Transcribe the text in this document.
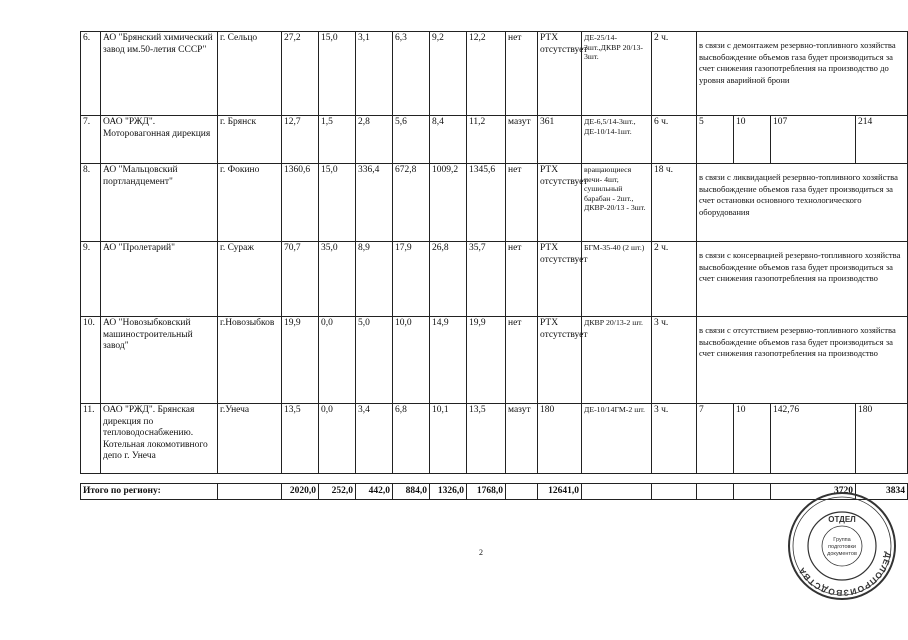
6.	АО "Брянский химический завод им.50-летия СССР"	г. Сельцо	27,2	15,0	3,1	6,3	9,2	12,2	нет	РТХ отсутствует	ДЕ-25/14-3шт.,ДКВР 20/13-3шт.	2 ч.	в связи с демонтажем резервно-топливного хозяйства высвобождение объемов газа будет производиться за счет снижения газопотребления на производство до уровня аварийной брони			
7.	ОАО "РЖД". Моторовагонная дирекция	г. Брянск	12,7	1,5	2,8	5,6	8,4	11,2	мазут	361	ДЕ-6,5/14-3шт., ДЕ-10/14-1шт.	6 ч.	5	10	107	214
8.	АО "Мальцовский портландцемент"	г. Фокино	1360,6	15,0	336,4	672,8	1009,2	1345,6	нет	РТХ отсутствует	вращающиеся печи- 4шт, сушильный барабан - 2шт., ДКВР-20/13 - 3шт.	18 ч.	в связи с ликвидацией резервно-топливного хозяйства высвобождение объемов газа будет производиться за счет остановки основного технологического оборудования			
9.	АО "Пролетарий"	г. Сураж	70,7	35,0	8,9	17,9	26,8	35,7	нет	РТХ отсутствует	БГМ-35-40 (2 шт.)	2 ч.	в связи с консервацией резервно-топливного хозяйства высвобождение объемов газа будет производиться за счет снижения газопотребления на производство			
10.	АО "Новозыбковский машиностроительный завод"	г.Новозыбков	19,9	0,0	5,0	10,0	14,9	19,9	нет	РТХ отсутствует	ДКВР 20/13-2 шт.	3 ч.	в связи с отсутствием резервно-топливного хозяйства высвобождение объемов газа будет производиться за счет снижения газопотребления на производство			
11.	ОАО "РЖД". Брянская дирекция по тепловодоснабжению. Котельная локомотивного депо г. Унеча	г.Унеча	13,5	0,0	3,4	6,8	10,1	13,5	мазут	180	ДЕ-10/14ГМ-2 шт.	3 ч.	7	10	142,76	180
Итого по региону:		2020,0	252,0	442,0	884,0	1326,0	1768,0		12641,0					3720	3834
2	ДЕЛОПРОИЗВОДСТВА
ОТДЕЛ
Группа
подготовки
документов
